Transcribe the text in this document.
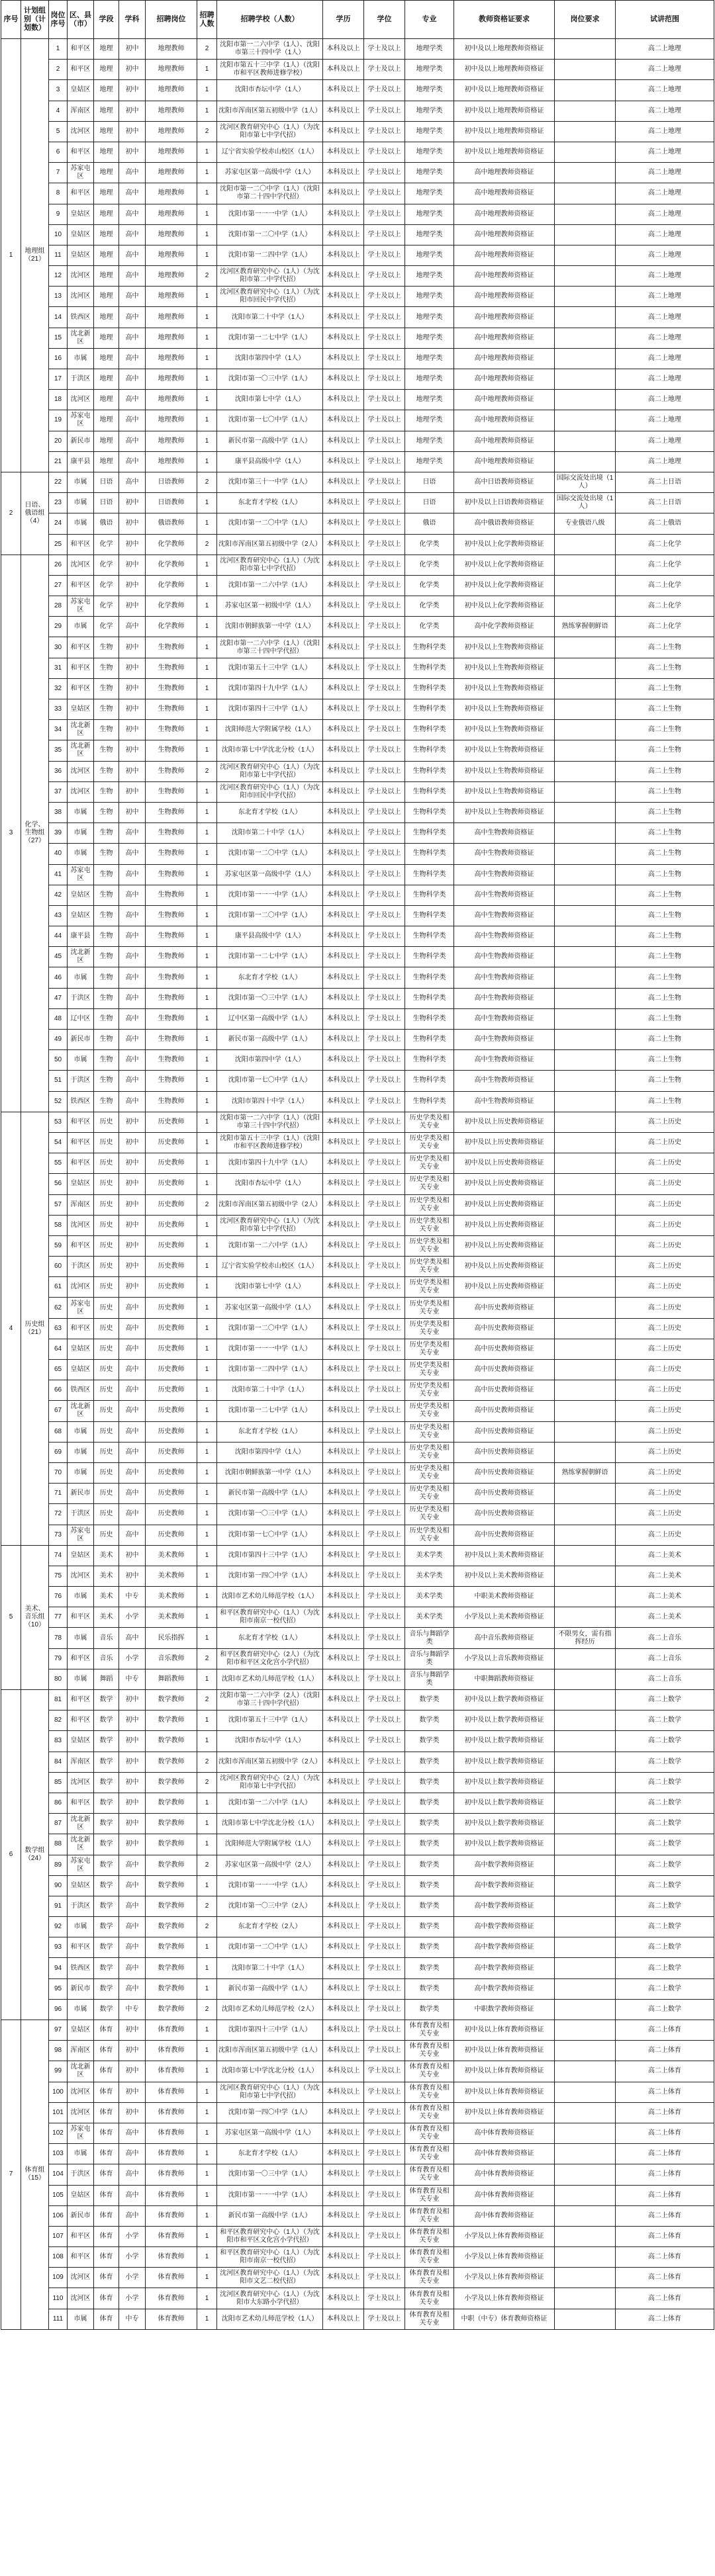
序号	计划组别（计划数）	岗位序号	区、县（市）	学段	学科	招聘岗位	招聘人数	招聘学校（人数）	学历	学位	专业	教师资格证要求	岗位要求	试讲范围
1	地理组（21）	1	和平区	地理	初中	地理教师	2	沈阳市第一二六中学（1人）、沈阳市第三十四中学（1人）	本科及以上	学士及以上	地理学类	初中及以上地理教师资格证		高二上地理
		2	和平区	地理	初中	地理教师	1	沈阳市第五十三中学（1人）（沈阳市和平区教师进修学校）	本科及以上	学士及以上	地理学类	初中及以上地理教师资格证		高二上地理
		3	皇姑区	地理	初中	地理教师	1	沈阳市杏坛中学（1人）	本科及以上	学士及以上	地理学类	初中及以上地理教师资格证		高二上地理
		4	浑南区	地理	初中	地理教师	1	沈阳市浑南区第五初级中学（1人）	本科及以上	学士及以上	地理学类	初中及以上地理教师资格证		高二上地理
		5	沈河区	地理	初中	地理教师	2	沈河区教育研究中心（1人）（为沈阳市第七中学代招）	本科及以上	学士及以上	地理学类	初中及以上地理教师资格证		高二上地理
		6	和平区	地理	初中	地理教师	1	辽宁省实验学校赤山校区（1人）	本科及以上	学士及以上	地理学类	初中及以上地理教师资格证		高二上地理
		7	苏家屯区	地理	高中	地理教师	1	苏家屯区第一高级中学（1人）	本科及以上	学士及以上	地理学类	高中地理教师资格证		高二上地理
		8	和平区	地理	高中	地理教师	1	沈阳市第一二〇中学（1人）（沈阳市第二十四中学代招）	本科及以上	学士及以上	地理学类	高中地理教师资格证		高二上地理
		9	皇姑区	地理	高中	地理教师	1	沈阳市第一一一中学（1人）	本科及以上	学士及以上	地理学类	高中地理教师资格证		高二上地理
		10	皇姑区	地理	高中	地理教师	1	沈阳市第一二〇中学（1人）	本科及以上	学士及以上	地理学类	高中地理教师资格证		高二上地理
		11	皇姑区	地理	高中	地理教师	1	沈阳市第一二四中学（1人）	本科及以上	学士及以上	地理学类	高中地理教师资格证		高二上地理
		12	沈河区	地理	高中	地理教师	2	沈河区教育研究中心（1人）（为沈阳市第二中学代招）	本科及以上	学士及以上	地理学类	高中地理教师资格证		高二上地理
		13	沈河区	地理	高中	地理教师	1	沈河区教育研究中心（1人）（为沈阳市回民中学代招）	本科及以上	学士及以上	地理学类	高中地理教师资格证		高二上地理
		14	铁西区	地理	高中	地理教师	1	沈阳市第二十中学（1人）	本科及以上	学士及以上	地理学类	高中地理教师资格证		高二上地理
		15	沈北新区	地理	高中	地理教师	1	沈阳市第一二七中学（1人）	本科及以上	学士及以上	地理学类	高中地理教师资格证		高二上地理
		16	市属	地理	高中	地理教师	1	沈阳市第四中学（1人）	本科及以上	学士及以上	地理学类	高中地理教师资格证		高二上地理
		17	于洪区	地理	高中	地理教师	1	沈阳市第一〇三中学（1人）	本科及以上	学士及以上	地理学类	高中地理教师资格证		高二上地理
		18	沈河区	地理	高中	地理教师	1	沈阳市第七中学（1人）	本科及以上	学士及以上	地理学类	高中地理教师资格证		高二上地理
		19	苏家屯区	地理	高中	地理教师	1	沈阳市第一七〇中学（1人）	本科及以上	学士及以上	地理学类	高中地理教师资格证		高二上地理
		20	新民市	地理	高中	地理教师	1	新民市第一高级中学（1人）	本科及以上	学士及以上	地理学类	高中地理教师资格证		高二上地理
		21	康平县	地理	高中	地理教师	1	康平县高级中学（1人）	本科及以上	学士及以上	地理学类	高中地理教师资格证		高二上地理
2	日语、俄语组（4）	22	市属	日语	高中	日语教师	2	沈阳市第三十一中学（1人）	本科及以上	学士及以上	日语	高中日语教师资格证	国际交流处出境（1人）	高二上日语
		23	市属	日语	初中	日语教师	1	东北育才学校（1人）	本科及以上	学士及以上	日语	初中及以上日语教师资格证	国际交流处出境（1人）	高二上日语
		24	市属	俄语	初中	俄语教师	1	沈阳市第一二〇中学（1人）	本科及以上	学士及以上	俄语	高中俄语教师资格证	专业俄语八级	高二上俄语
		25	和平区	化学	初中	化学教师	2	沈阳市浑南区第五初级中学（2人）	本科及以上	学士及以上	化学类	初中及以上化学教师资格证		高二上化学
3	化学、生物组（27）	26	沈河区	化学	初中	化学教师	1	沈河区教育研究中心（1人）（为沈阳市第七中学代招）	本科及以上	学士及以上	化学类	初中及以上化学教师资格证		高二上化学
		27	和平区	化学	初中	化学教师	1	沈阳市第一二六中学（1人）	本科及以上	学士及以上	化学类	初中及以上化学教师资格证		高二上化学
		28	苏家屯区	化学	初中	化学教师	1	苏家屯区第一初级中学（1人）	本科及以上	学士及以上	化学类	初中及以上化学教师资格证		高二上化学
		29	市属	化学	高中	化学教师	1	沈阳市朝鲜族第一中学（1人）	本科及以上	学士及以上	化学类	高中化学教师资格证	熟练掌握朝鲜语	高二上化学
		30	和平区	生物	初中	生物教师	1	沈阳市第一二六中学（1人）（沈阳市第三十四中学代招）	本科及以上	学士及以上	生物科学类	初中及以上生物教师资格证		高二上生物
		31	和平区	生物	初中	生物教师	1	沈阳市第五十三中学（1人）	本科及以上	学士及以上	生物科学类	初中及以上生物教师资格证		高二上生物
		32	和平区	生物	初中	生物教师	1	沈阳市第四十九中学（1人）	本科及以上	学士及以上	生物科学类	初中及以上生物教师资格证		高二上生物
		33	皇姑区	生物	初中	生物教师	1	沈阳市第四十三中学（1人）	本科及以上	学士及以上	生物科学类	初中及以上生物教师资格证		高二上生物
		34	沈北新区	生物	初中	生物教师	1	沈阳师范大学附属学校（1人）	本科及以上	学士及以上	生物科学类	初中及以上生物教师资格证		高二上生物
		35	沈北新区	生物	初中	生物教师	1	沈阳市第七中学沈北分校（1人）	本科及以上	学士及以上	生物科学类	初中及以上生物教师资格证		高二上生物
		36	沈河区	生物	初中	生物教师	2	沈河区教育研究中心（1人）（为沈阳市第七中学代招）	本科及以上	学士及以上	生物科学类	初中及以上生物教师资格证		高二上生物
		37	沈河区	生物	初中	生物教师	1	沈河区教育研究中心（1人）（为沈阳市回民中学代招）	本科及以上	学士及以上	生物科学类	初中及以上生物教师资格证		高二上生物
		38	市属	生物	初中	生物教师	1	东北育才学校（1人）	本科及以上	学士及以上	生物科学类	初中及以上生物教师资格证		高二上生物
		39	市属	生物	高中	生物教师	1	沈阳市第二十中学（1人）	本科及以上	学士及以上	生物科学类	高中生物教师资格证		高二上生物
		40	市属	生物	高中	生物教师	1	沈阳市第一二〇中学（1人）	本科及以上	学士及以上	生物科学类	高中生物教师资格证		高二上生物
		41	苏家屯区	生物	高中	生物教师	1	苏家屯区第一高级中学（1人）	本科及以上	学士及以上	生物科学类	高中生物教师资格证		高二上生物
		42	皇姑区	生物	高中	生物教师	1	沈阳市第一一一中学（1人）	本科及以上	学士及以上	生物科学类	高中生物教师资格证		高二上生物
		43	皇姑区	生物	高中	生物教师	1	沈阳市第一二〇中学（1人）	本科及以上	学士及以上	生物科学类	高中生物教师资格证		高二上生物
		44	康平县	生物	高中	生物教师	1	康平县高级中学（1人）	本科及以上	学士及以上	生物科学类	高中生物教师资格证		高二上生物
		45	沈北新区	生物	高中	生物教师	1	沈阳市第一二七中学（1人）	本科及以上	学士及以上	生物科学类	高中生物教师资格证		高二上生物
		46	市属	生物	高中	生物教师	1	东北育才学校（1人）	本科及以上	学士及以上	生物科学类	高中生物教师资格证		高二上生物
		47	于洪区	生物	高中	生物教师	1	沈阳市第一〇三中学（1人）	本科及以上	学士及以上	生物科学类	高中生物教师资格证		高二上生物
		48	辽中区	生物	高中	生物教师	1	辽中区第一高级中学（1人）	本科及以上	学士及以上	生物科学类	高中生物教师资格证		高二上生物
		49	新民市	生物	高中	生物教师	1	新民市第一高级中学（1人）	本科及以上	学士及以上	生物科学类	高中生物教师资格证		高二上生物
		50	市属	生物	高中	生物教师	1	沈阳市第四中学（1人）	本科及以上	学士及以上	生物科学类	高中生物教师资格证		高二上生物
		51	于洪区	生物	高中	生物教师	1	沈阳市第一七〇中学（1人）	本科及以上	学士及以上	生物科学类	高中生物教师资格证		高二上生物
		52	铁西区	生物	高中	生物教师	1	沈阳市第四十中学（1人）	本科及以上	学士及以上	生物科学类	高中生物教师资格证		高二上生物
4	历史组（21）	53	和平区	历史	初中	历史教师	1	沈阳市第一二六中学（1人）（沈阳市第三十四中学代招）	本科及以上	学士及以上	历史学类及相关专业	初中及以上历史教师资格证		高二上历史
		54	和平区	历史	初中	历史教师	1	沈阳市第五十三中学（1人）（沈阳市和平区教师进修学校）	本科及以上	学士及以上	历史学类及相关专业	初中及以上历史教师资格证		高二上历史
		55	和平区	历史	初中	历史教师	1	沈阳市第四十九中学（1人）	本科及以上	学士及以上	历史学类及相关专业	初中及以上历史教师资格证		高二上历史
		56	皇姑区	历史	初中	历史教师	1	沈阳市杏坛中学（1人）	本科及以上	学士及以上	历史学类及相关专业	初中及以上历史教师资格证		高二上历史
		57	浑南区	历史	初中	历史教师	2	沈阳市浑南区第五初级中学（2人）	本科及以上	学士及以上	历史学类及相关专业	初中及以上历史教师资格证		高二上历史
		58	沈河区	历史	初中	历史教师	1	沈河区教育研究中心（1人）（为沈阳市第七中学代招）	本科及以上	学士及以上	历史学类及相关专业	初中及以上历史教师资格证		高二上历史
		59	和平区	历史	初中	历史教师	1	沈阳市第一二六中学（1人）	本科及以上	学士及以上	历史学类及相关专业	初中及以上历史教师资格证		高二上历史
		60	于洪区	历史	初中	历史教师	1	辽宁省实验学校赤山校区（1人）	本科及以上	学士及以上	历史学类及相关专业	初中及以上历史教师资格证		高二上历史
		61	沈河区	历史	初中	历史教师	1	沈阳市第七中学（1人）	本科及以上	学士及以上	历史学类及相关专业	初中及以上历史教师资格证		高二上历史
		62	苏家屯区	历史	高中	历史教师	1	苏家屯区第一高级中学（1人）	本科及以上	学士及以上	历史学类及相关专业	高中历史教师资格证		高二上历史
		63	和平区	历史	高中	历史教师	1	沈阳市第一二〇中学（1人）	本科及以上	学士及以上	历史学类及相关专业	高中历史教师资格证		高二上历史
		64	皇姑区	历史	高中	历史教师	1	沈阳市第一一一中学（1人）	本科及以上	学士及以上	历史学类及相关专业	高中历史教师资格证		高二上历史
		65	皇姑区	历史	高中	历史教师	1	沈阳市第一二四中学（1人）	本科及以上	学士及以上	历史学类及相关专业	高中历史教师资格证		高二上历史
		66	铁西区	历史	高中	历史教师	1	沈阳市第二十中学（1人）	本科及以上	学士及以上	历史学类及相关专业	高中历史教师资格证		高二上历史
		67	沈北新区	历史	高中	历史教师	1	沈阳市第一二七中学（1人）	本科及以上	学士及以上	历史学类及相关专业	高中历史教师资格证		高二上历史
		68	市属	历史	高中	历史教师	1	东北育才学校（1人）	本科及以上	学士及以上	历史学类及相关专业	高中历史教师资格证		高二上历史
		69	市属	历史	高中	历史教师	1	沈阳市第四中学（1人）	本科及以上	学士及以上	历史学类及相关专业	高中历史教师资格证		高二上历史
		70	市属	历史	高中	历史教师	1	沈阳市朝鲜族第一中学（1人）	本科及以上	学士及以上	历史学类及相关专业	高中历史教师资格证	熟练掌握朝鲜语	高二上历史
		71	新民市	历史	高中	历史教师	1	新民市第一高级中学（1人）	本科及以上	学士及以上	历史学类及相关专业	高中历史教师资格证		高二上历史
		72	于洪区	历史	高中	历史教师	1	沈阳市第一〇三中学（1人）	本科及以上	学士及以上	历史学类及相关专业	高中历史教师资格证		高二上历史
		73	苏家屯区	历史	高中	历史教师	1	沈阳市第一七〇中学（1人）	本科及以上	学士及以上	历史学类及相关专业	高中历史教师资格证		高二上历史
5	美术、音乐组（10）	74	皇姑区	美术	初中	美术教师	1	沈阳市第四十三中学（1人）	本科及以上	学士及以上	美术学类	初中及以上美术教师资格证		高二上美术
		75	沈河区	美术	初中	美术教师	1	沈阳市第一四〇中学（1人）	本科及以上	学士及以上	美术学类	初中及以上美术教师资格证		高二上美术
		76	市属	美术	中专	美术教师	1	沈阳市艺术幼儿师范学校（1人）	本科及以上	学士及以上	美术学类	中职美术教师资格证		高二上美术
		77	和平区	美术	小学	美术教师	1	和平区教育研究中心（1人）（为沈阳市南京一校代招）	本科及以上	学士及以上	美术学类	小学及以上美术教师资格证		高二上美术
		78	市属	音乐	高中	民乐指挥	1	东北育才学校（1人）	本科及以上	学士及以上	音乐与舞蹈学类	高中音乐教师资格证	不限男女，需有指挥经历	高二上音乐
		79	和平区	音乐	小学	音乐教师	2	和平区教育研究中心（2人）（为沈阳市和平区文化宫小学代招）	本科及以上	学士及以上	音乐与舞蹈学类	小学及以上音乐教师资格证		高二上音乐
		80	市属	舞蹈	中专	舞蹈教师	1	沈阳市艺术幼儿师范学校（1人）	本科及以上	学士及以上	音乐与舞蹈学类	中职舞蹈教师资格证		高二上音乐
6	数学组（24）	81	和平区	数学	初中	数学教师	2	沈阳市第一二六中学（2人）（沈阳市第三十四中学代招）	本科及以上	学士及以上	数学类	初中及以上数学教师资格证		高二上数学
		82	和平区	数学	初中	数学教师	1	沈阳市第五十三中学（1人）	本科及以上	学士及以上	数学类	初中及以上数学教师资格证		高二上数学
		83	皇姑区	数学	初中	数学教师	1	沈阳市杏坛中学（1人）	本科及以上	学士及以上	数学类	初中及以上数学教师资格证		高二上数学
		84	浑南区	数学	初中	数学教师	2	沈阳市浑南区第五初级中学（2人）	本科及以上	学士及以上	数学类	初中及以上数学教师资格证		高二上数学
		85	沈河区	数学	初中	数学教师	2	沈河区教育研究中心（2人）（为沈阳市第七中学代招）	本科及以上	学士及以上	数学类	初中及以上数学教师资格证		高二上数学
		86	和平区	数学	初中	数学教师	1	沈阳市第一二六中学（1人）	本科及以上	学士及以上	数学类	初中及以上数学教师资格证		高二上数学
		87	沈北新区	数学	初中	数学教师	1	沈阳市第七中学沈北分校（1人）	本科及以上	学士及以上	数学类	初中及以上数学教师资格证		高二上数学
		88	沈北新区	数学	初中	数学教师	1	沈阳师范大学附属学校（1人）	本科及以上	学士及以上	数学类	初中及以上数学教师资格证		高二上数学
		89	苏家屯区	数学	高中	数学教师	2	苏家屯区第一高级中学（2人）	本科及以上	学士及以上	数学类	高中数学教师资格证		高二上数学
		90	皇姑区	数学	高中	数学教师	1	沈阳市第一一一中学（1人）	本科及以上	学士及以上	数学类	高中数学教师资格证		高二上数学
		91	于洪区	数学	高中	数学教师	2	沈阳市第一〇三中学（2人）	本科及以上	学士及以上	数学类	高中数学教师资格证		高二上数学
		92	市属	数学	高中	数学教师	2	东北育才学校（2人）	本科及以上	学士及以上	数学类	高中数学教师资格证		高二上数学
		93	和平区	数学	高中	数学教师	1	沈阳市第一二〇中学（1人）	本科及以上	学士及以上	数学类	高中数学教师资格证		高二上数学
		94	铁西区	数学	高中	数学教师	1	沈阳市第二十中学（1人）	本科及以上	学士及以上	数学类	高中数学教师资格证		高二上数学
		95	新民市	数学	高中	数学教师	1	新民市第一高级中学（1人）	本科及以上	学士及以上	数学类	高中数学教师资格证		高二上数学
		96	市属	数学	中专	数学教师	2	沈阳市艺术幼儿师范学校（2人）	本科及以上	学士及以上	数学类	中职数学教师资格证		高二上数学
7	体育组（15）	97	皇姑区	体育	初中	体育教师	1	沈阳市第四十三中学（1人）	本科及以上	学士及以上	体育教育及相关专业	初中及以上体育教师资格证		高二上体育
		98	浑南区	体育	初中	体育教师	1	沈阳市浑南区第五初级中学（1人）	本科及以上	学士及以上	体育教育及相关专业	初中及以上体育教师资格证		高二上体育
		99	沈北新区	体育	初中	体育教师	1	沈阳市第七中学沈北分校（1人）	本科及以上	学士及以上	体育教育及相关专业	初中及以上体育教师资格证		高二上体育
		100	沈河区	体育	初中	体育教师	1	沈河区教育研究中心（1人）（为沈阳市第七中学代招）	本科及以上	学士及以上	体育教育及相关专业	初中及以上体育教师资格证		高二上体育
		101	沈河区	体育	初中	体育教师	1	沈阳市第一四〇中学（1人）	本科及以上	学士及以上	体育教育及相关专业	初中及以上体育教师资格证		高二上体育
		102	苏家屯区	体育	高中	体育教师	1	苏家屯区第一高级中学（1人）	本科及以上	学士及以上	体育教育及相关专业	高中体育教师资格证		高二上体育
		103	市属	体育	高中	体育教师	1	东北育才学校（1人）	本科及以上	学士及以上	体育教育及相关专业	高中体育教师资格证		高二上体育
		104	于洪区	体育	高中	体育教师	1	沈阳市第一〇三中学（1人）	本科及以上	学士及以上	体育教育及相关专业	高中体育教师资格证		高二上体育
		105	皇姑区	体育	高中	体育教师	1	沈阳市第一一一中学（1人）	本科及以上	学士及以上	体育教育及相关专业	高中体育教师资格证		高二上体育
		106	新民市	体育	高中	体育教师	1	新民市第一高级中学（1人）	本科及以上	学士及以上	体育教育及相关专业	高中体育教师资格证		高二上体育
		107	和平区	体育	小学	体育教师	1	和平区教育研究中心（1人）（为沈阳市和平区文化宫小学代招）	本科及以上	学士及以上	体育教育及相关专业	小学及以上体育教师资格证		高二上体育
		108	和平区	体育	小学	体育教师	1	和平区教育研究中心（1人）（为沈阳市南京一校代招）	本科及以上	学士及以上	体育教育及相关专业	小学及以上体育教师资格证		高二上体育
		109	沈河区	体育	小学	体育教师	1	沈河区教育研究中心（1人）（为沈阳市文艺二校代招）	本科及以上	学士及以上	体育教育及相关专业	小学及以上体育教师资格证		高二上体育
		110	沈河区	体育	小学	体育教师	1	沈河区教育研究中心（1人）（为沈阳市大东路小学代招）	本科及以上	学士及以上	体育教育及相关专业	小学及以上体育教师资格证		高二上体育
		111	市属	体育	中专	体育教师	1	沈阳市艺术幼儿师范学校（1人）	本科及以上	学士及以上	体育教育及相关专业	中职（中专）体育教师资格证		高二上体育
